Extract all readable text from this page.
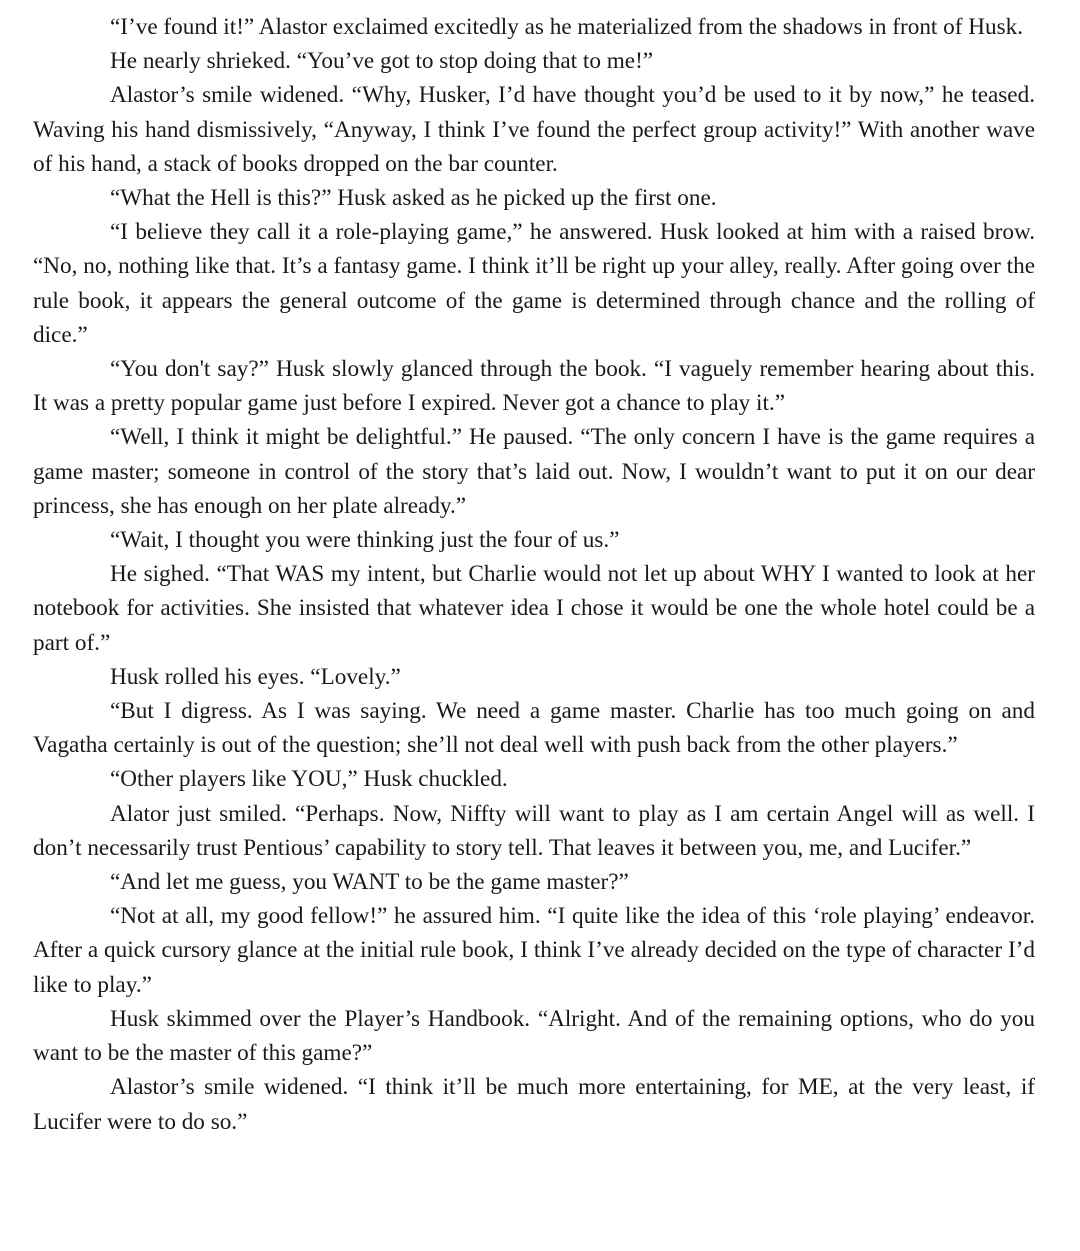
“I’ve found it!” Alastor exclaimed excitedly as he materialized from the shadows in front of Husk.

He nearly shrieked. “You’ve got to stop doing that to me!”

Alastor’s smile widened. “Why, Husker, I’d have thought you’d be used to it by now,” he teased. Waving his hand dismissively, “Anyway, I think I’ve found the perfect group activity!” With another wave of his hand, a stack of books dropped on the bar counter.

“What the Hell is this?” Husk asked as he picked up the first one.

“I believe they call it a role-playing game,” he answered. Husk looked at him with a raised brow. “No, no, nothing like that. It’s a fantasy game. I think it’ll be right up your alley, really. After going over the rule book, it appears the general outcome of the game is determined through chance and the rolling of dice.”

“You don't say?” Husk slowly glanced through the book. “I vaguely remember hearing about this. It was a pretty popular game just before I expired. Never got a chance to play it.”

“Well, I think it might be delightful.” He paused. “The only concern I have is the game requires a game master; someone in control of the story that’s laid out. Now, I wouldn’t want to put it on our dear princess, she has enough on her plate already.”

“Wait, I thought you were thinking just the four of us.”

He sighed. “That WAS my intent, but Charlie would not let up about WHY I wanted to look at her notebook for activities. She insisted that whatever idea I chose it would be one the whole hotel could be a part of.”

Husk rolled his eyes. “Lovely.”

“But I digress. As I was saying. We need a game master. Charlie has too much going on and Vagatha certainly is out of the question; she’ll not deal well with push back from the other players.”

“Other players like YOU,” Husk chuckled.

Alator just smiled. “Perhaps. Now, Niffty will want to play as I am certain Angel will as well. I don’t necessarily trust Pentious’ capability to story tell. That leaves it between you, me, and Lucifer.”

“And let me guess, you WANT to be the game master?”

“Not at all, my good fellow!” he assured him. “I quite like the idea of this ‘role playing’ endeavor. After a quick cursory glance at the initial rule book, I think I’ve already decided on the type of character I’d like to play.”

Husk skimmed over the Player’s Handbook. “Alright. And of the remaining options, who do you want to be the master of this game?”

Alastor’s smile widened. “I think it’ll be much more entertaining, for ME, at the very least, if Lucifer were to do so.”
